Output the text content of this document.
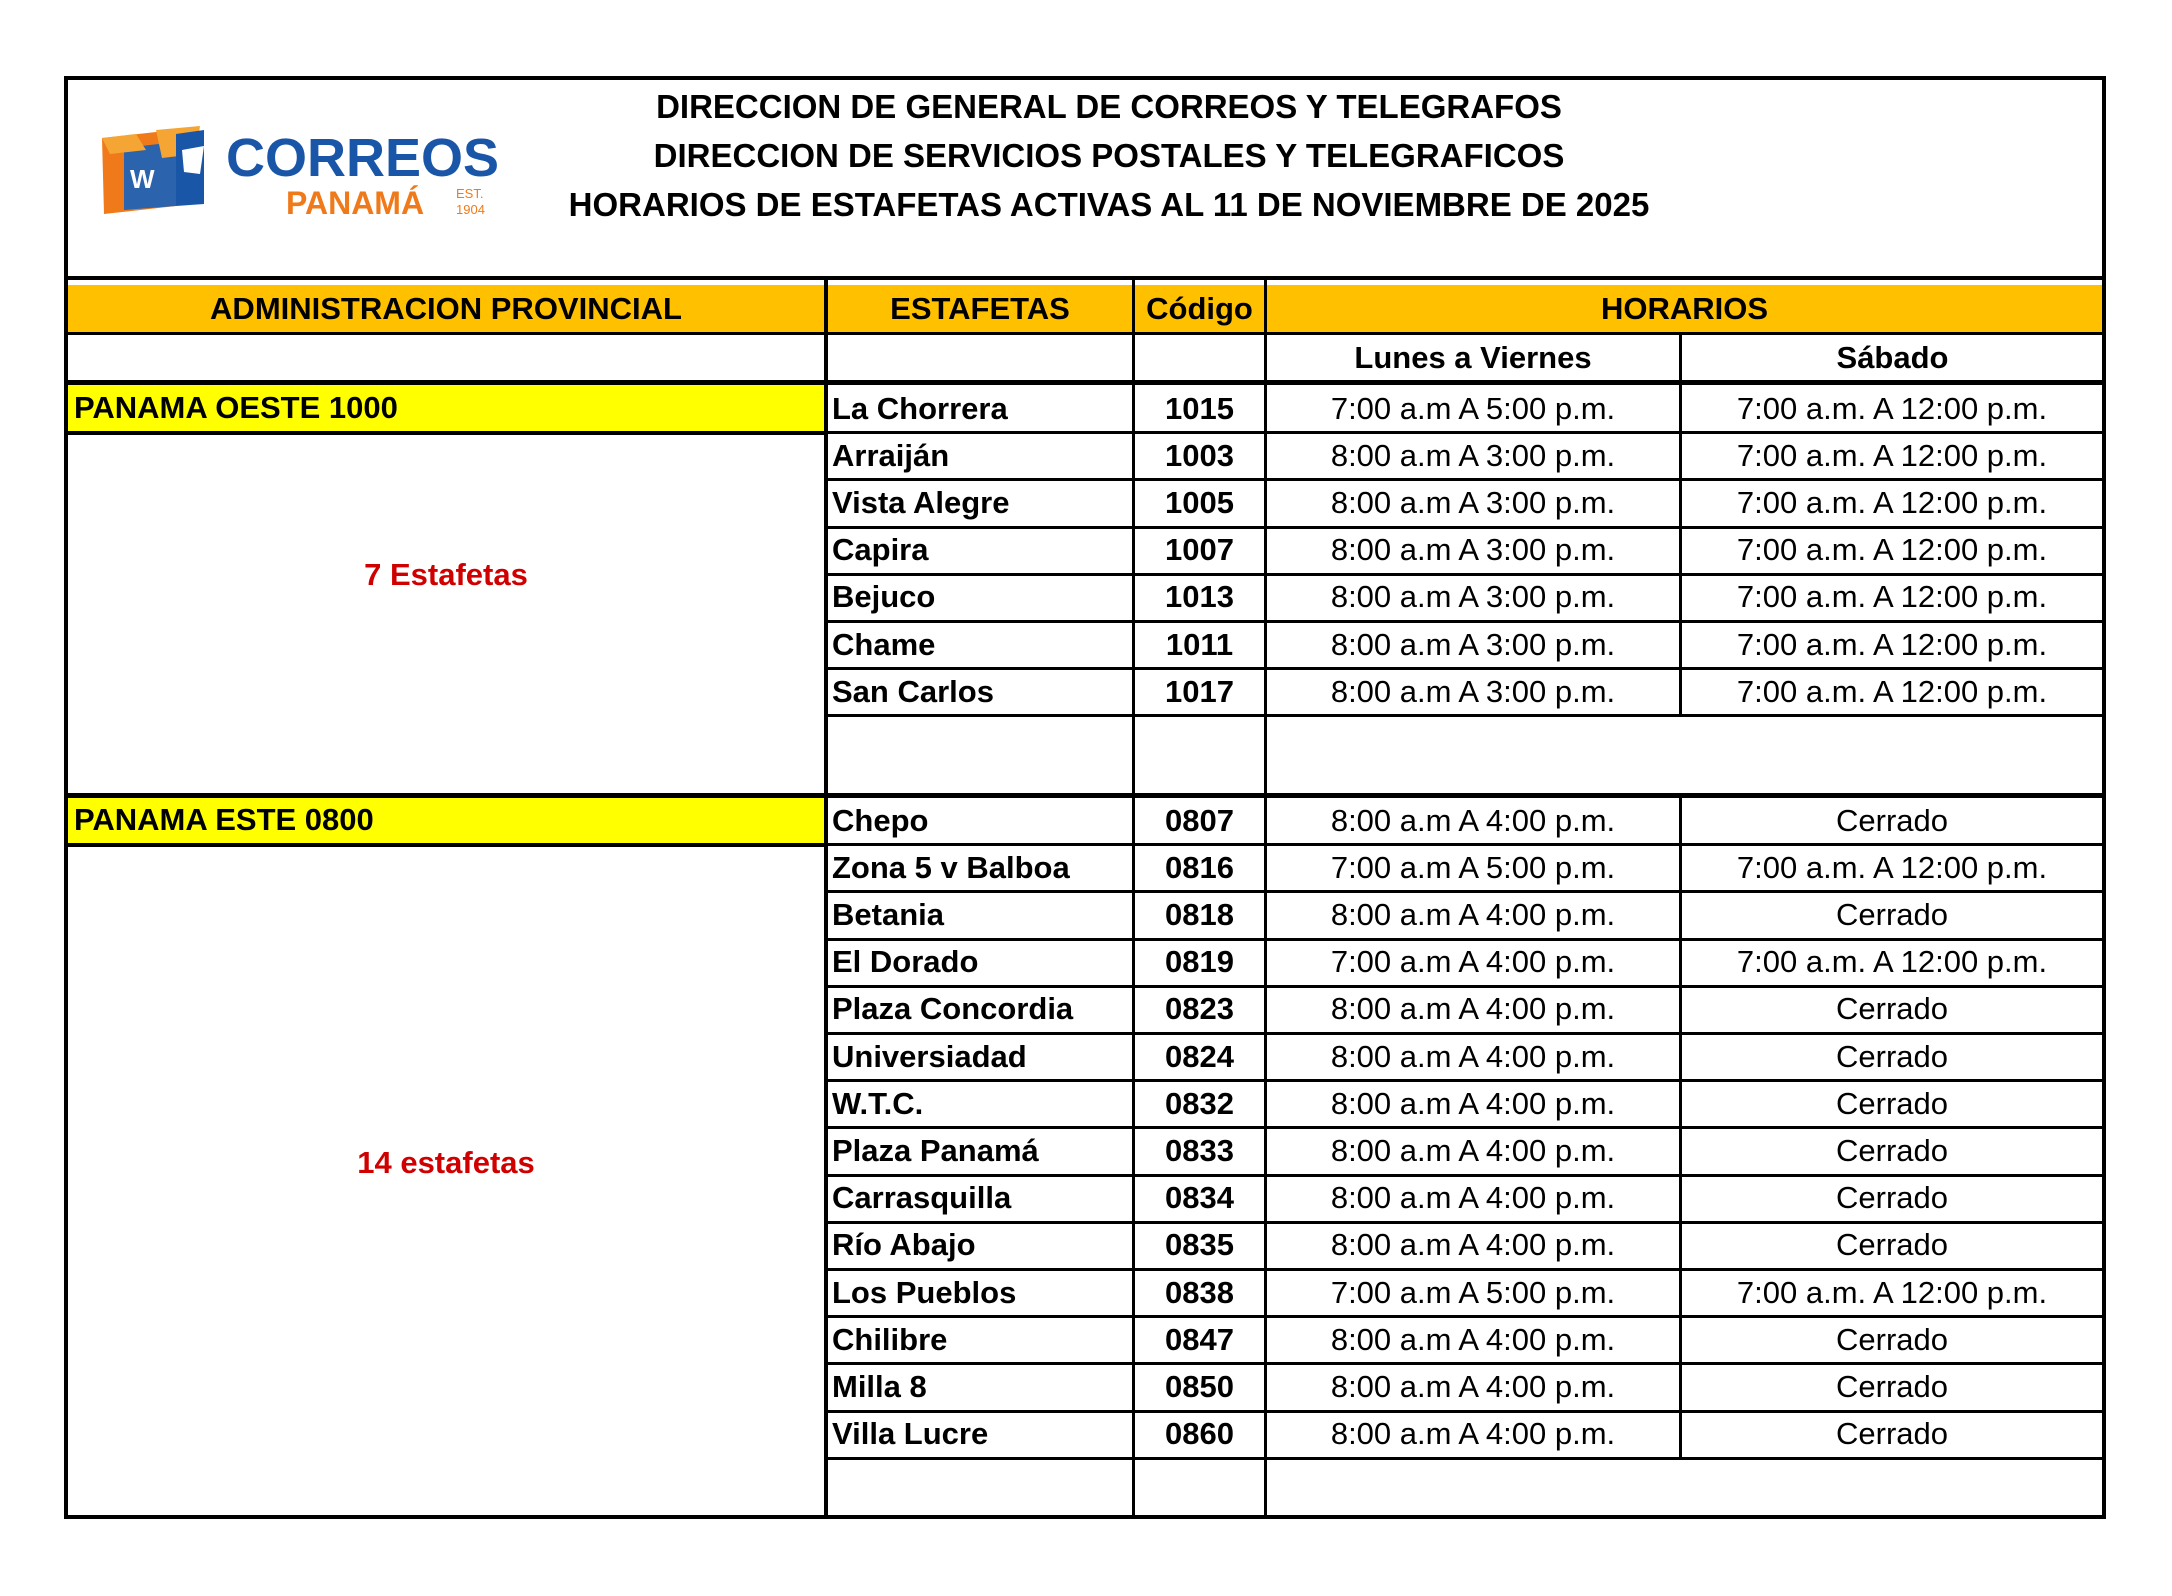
W CORREOS
PANAMÁ EST.
1904
DIRECCION DE GENERAL DE CORREOS Y TELEGRAFOS
DIRECCION DE SERVICIOS POSTALES Y TELEGRAFICOS
HORARIOS DE ESTAFETAS ACTIVAS AL 11 DE NOVIEMBRE DE 2025
ADMINISTRACION PROVINCIAL	ESTAFETAS	Código	HORARIOS
Lunes a Viernes	Sábado
PANAMA OESTE 1000	La Chorrera	1015	7:00 a.m A 5:00 p.m.	7:00 a.m. A 12:00 p.m.
Arraiján	1003	8:00 a.m A 3:00 p.m.	7:00 a.m. A 12:00 p.m.
Vista Alegre	1005	8:00 a.m A 3:00 p.m.	7:00 a.m. A 12:00 p.m.
Capira	1007	8:00 a.m A 3:00 p.m.	7:00 a.m. A 12:00 p.m.
Bejuco	1013	8:00 a.m A 3:00 p.m.	7:00 a.m. A 12:00 p.m.
Chame	1011	8:00 a.m A 3:00 p.m.	7:00 a.m. A 12:00 p.m.
San Carlos	1017	8:00 a.m A 3:00 p.m.	7:00 a.m. A 12:00 p.m.
7 Estafetas
PANAMA ESTE 0800	Chepo	0807	8:00 a.m A 4:00 p.m.	Cerrado
Zona 5 v Balboa	0816	7:00 a.m A 5:00 p.m.	7:00 a.m. A 12:00 p.m.
Betania	0818	8:00 a.m A 4:00 p.m.	Cerrado
El Dorado	0819	7:00 a.m A 4:00 p.m.	7:00 a.m. A 12:00 p.m.
Plaza Concordia	0823	8:00 a.m A 4:00 p.m.	Cerrado
Universiadad	0824	8:00 a.m A 4:00 p.m.	Cerrado
W.T.C.	0832	8:00 a.m A 4:00 p.m.	Cerrado
Plaza Panamá	0833	8:00 a.m A 4:00 p.m.	Cerrado
Carrasquilla	0834	8:00 a.m A 4:00 p.m.	Cerrado
Río Abajo	0835	8:00 a.m A 4:00 p.m.	Cerrado
Los Pueblos	0838	7:00 a.m A 5:00 p.m.	7:00 a.m. A 12:00 p.m.
Chilibre	0847	8:00 a.m A 4:00 p.m.	Cerrado
Milla 8	0850	8:00 a.m A 4:00 p.m.	Cerrado
Villa Lucre	0860	8:00 a.m A 4:00 p.m.	Cerrado
14 estafetas
